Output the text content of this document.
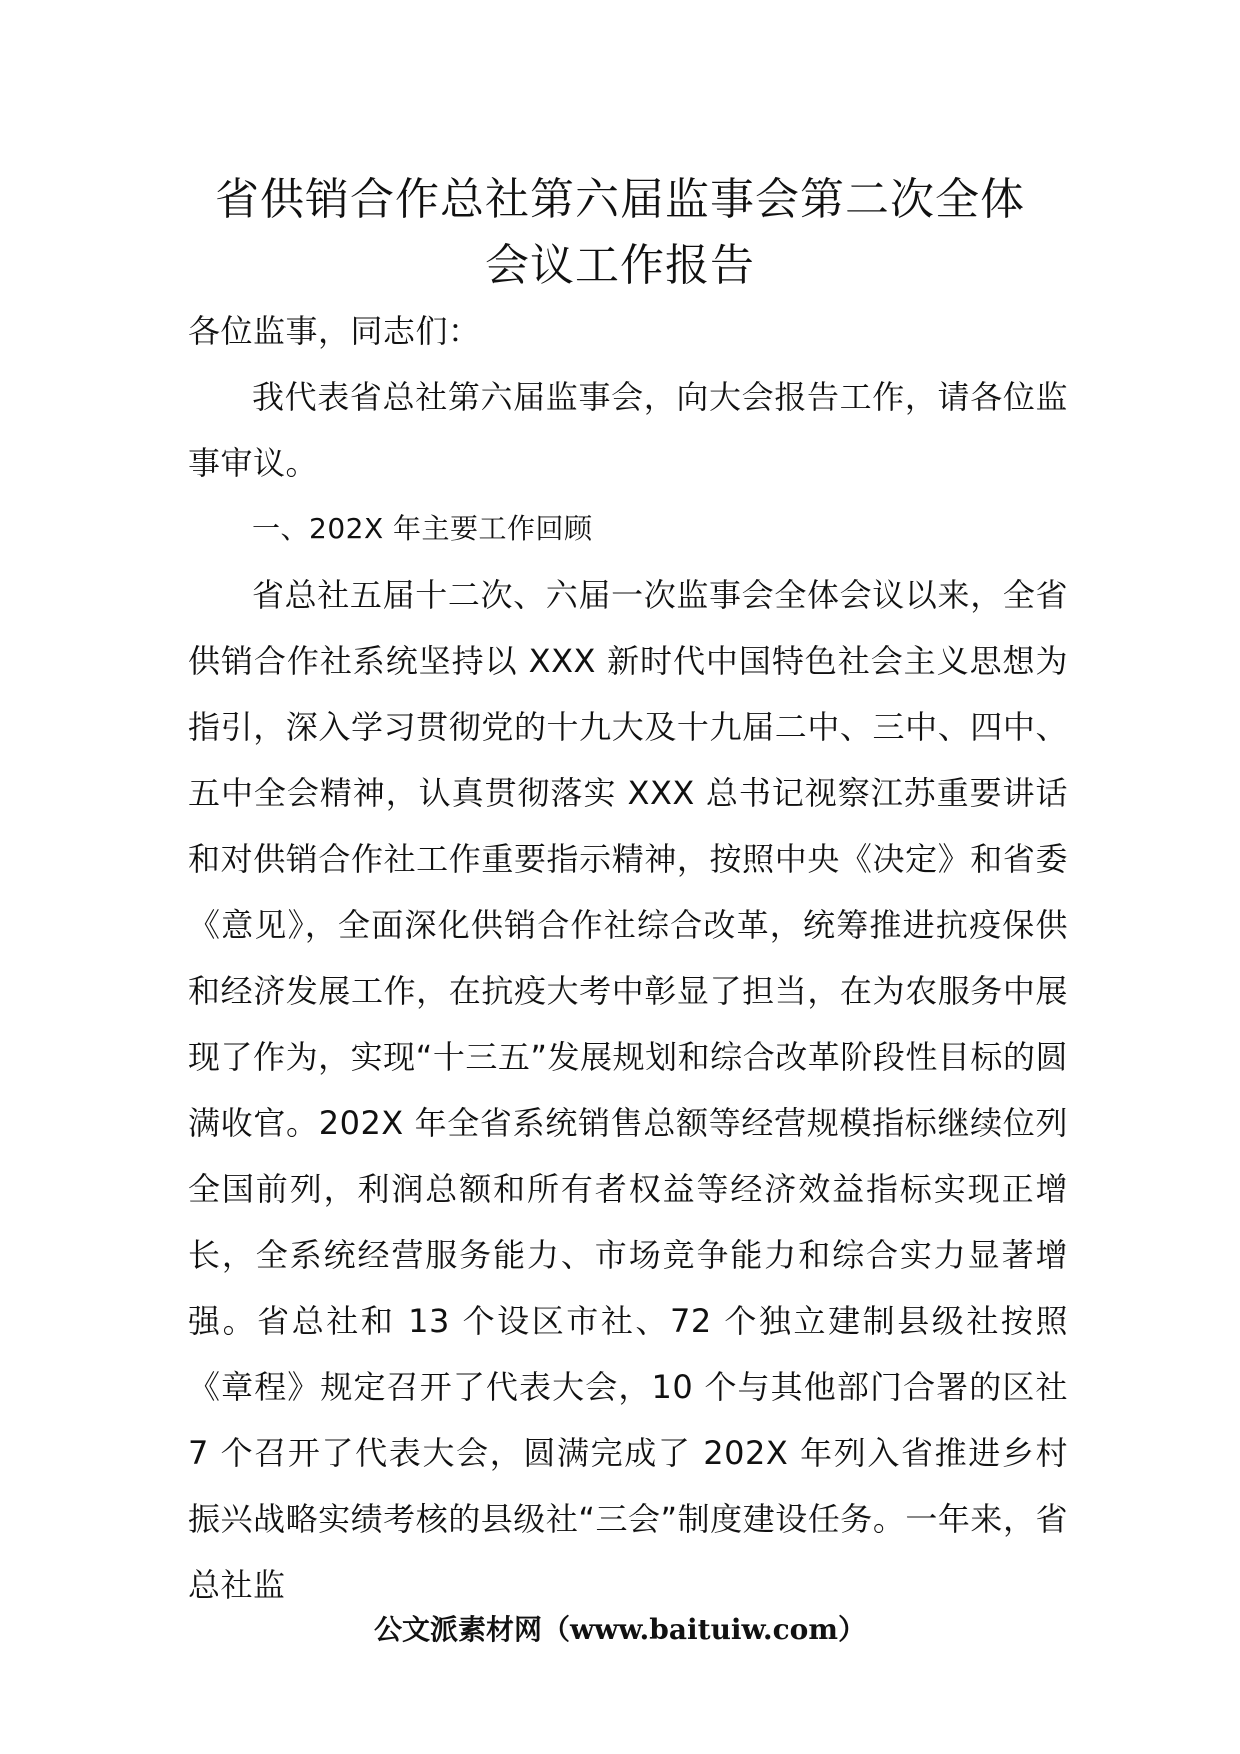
省供销合作总社第六届监事会第二次全体
会议工作报告

各位监事，同志们：

我代表省总社第六届监事会，向大会报告工作，请各位监事审议。

一、202X 年主要工作回顾

省总社五届十二次、六届一次监事会全体会议以来，全省供销合作社系统坚持以 XXX 新时代中国特色社会主义思想为指引，深入学习贯彻党的十九大及十九届二中、三中、四中、五中全会精神，认真贯彻落实 XXX 总书记视察江苏重要讲话和对供销合作社工作重要指示精神，按照中央《决定》和省委《意见》，全面深化供销合作社综合改革，统筹推进抗疫保供和经济发展工作，在抗疫大考中彰显了担当，在为农服务中展现了作为，实现“十三五”发展规划和综合改革阶段性目标的圆满收官。202X 年全省系统销售总额等经营规模指标继续位列全国前列，利润总额和所有者权益等经济效益指标实现正增长，全系统经营服务能力、市场竞争能力和综合实力显著增强。省总社和 13 个设区市社、72 个独立建制县级社按照《章程》规定召开了代表大会，10 个与其他部门合署的区社 7 个召开了代表大会，圆满完成了 202X 年列入省推进乡村振兴战略实绩考核的县级社“三会”制度建设任务。一年来，省总社监

公文派素材网（www.baituiw.com）
